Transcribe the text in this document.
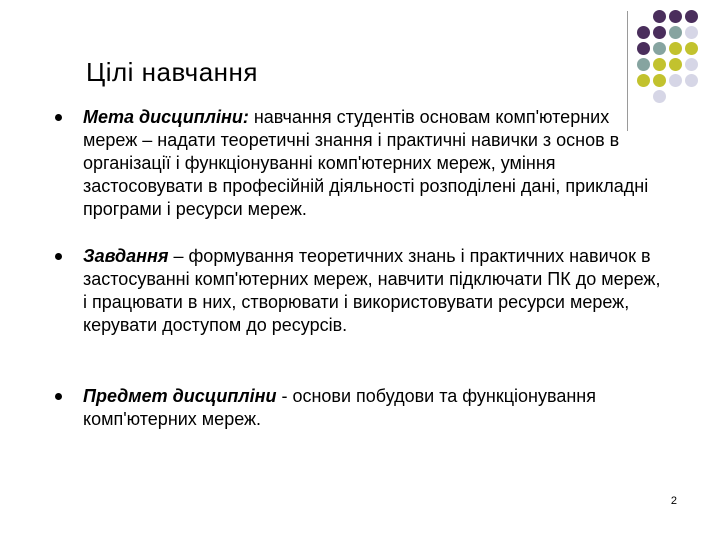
Цілі навчання
Мета дисципліни: навчання студентів основам комп'ютерних мереж – надати теоретичні знання і практичні навички з основ в організації і функціонуванні комп'ютерних мереж, уміння застосовувати в професійній діяльності розподілені дані, прикладні програми і ресурси мереж.
Завдання – формування теоретичних знань і практичних навичок в застосуванні комп'ютерних мереж, навчити підключати ПК до мереж, і працювати в них, створювати і використовувати ресурси мереж, керувати доступом до ресурсів.
Предмет дисципліни - основи побудови та функціонування комп'ютерних мереж.
2
